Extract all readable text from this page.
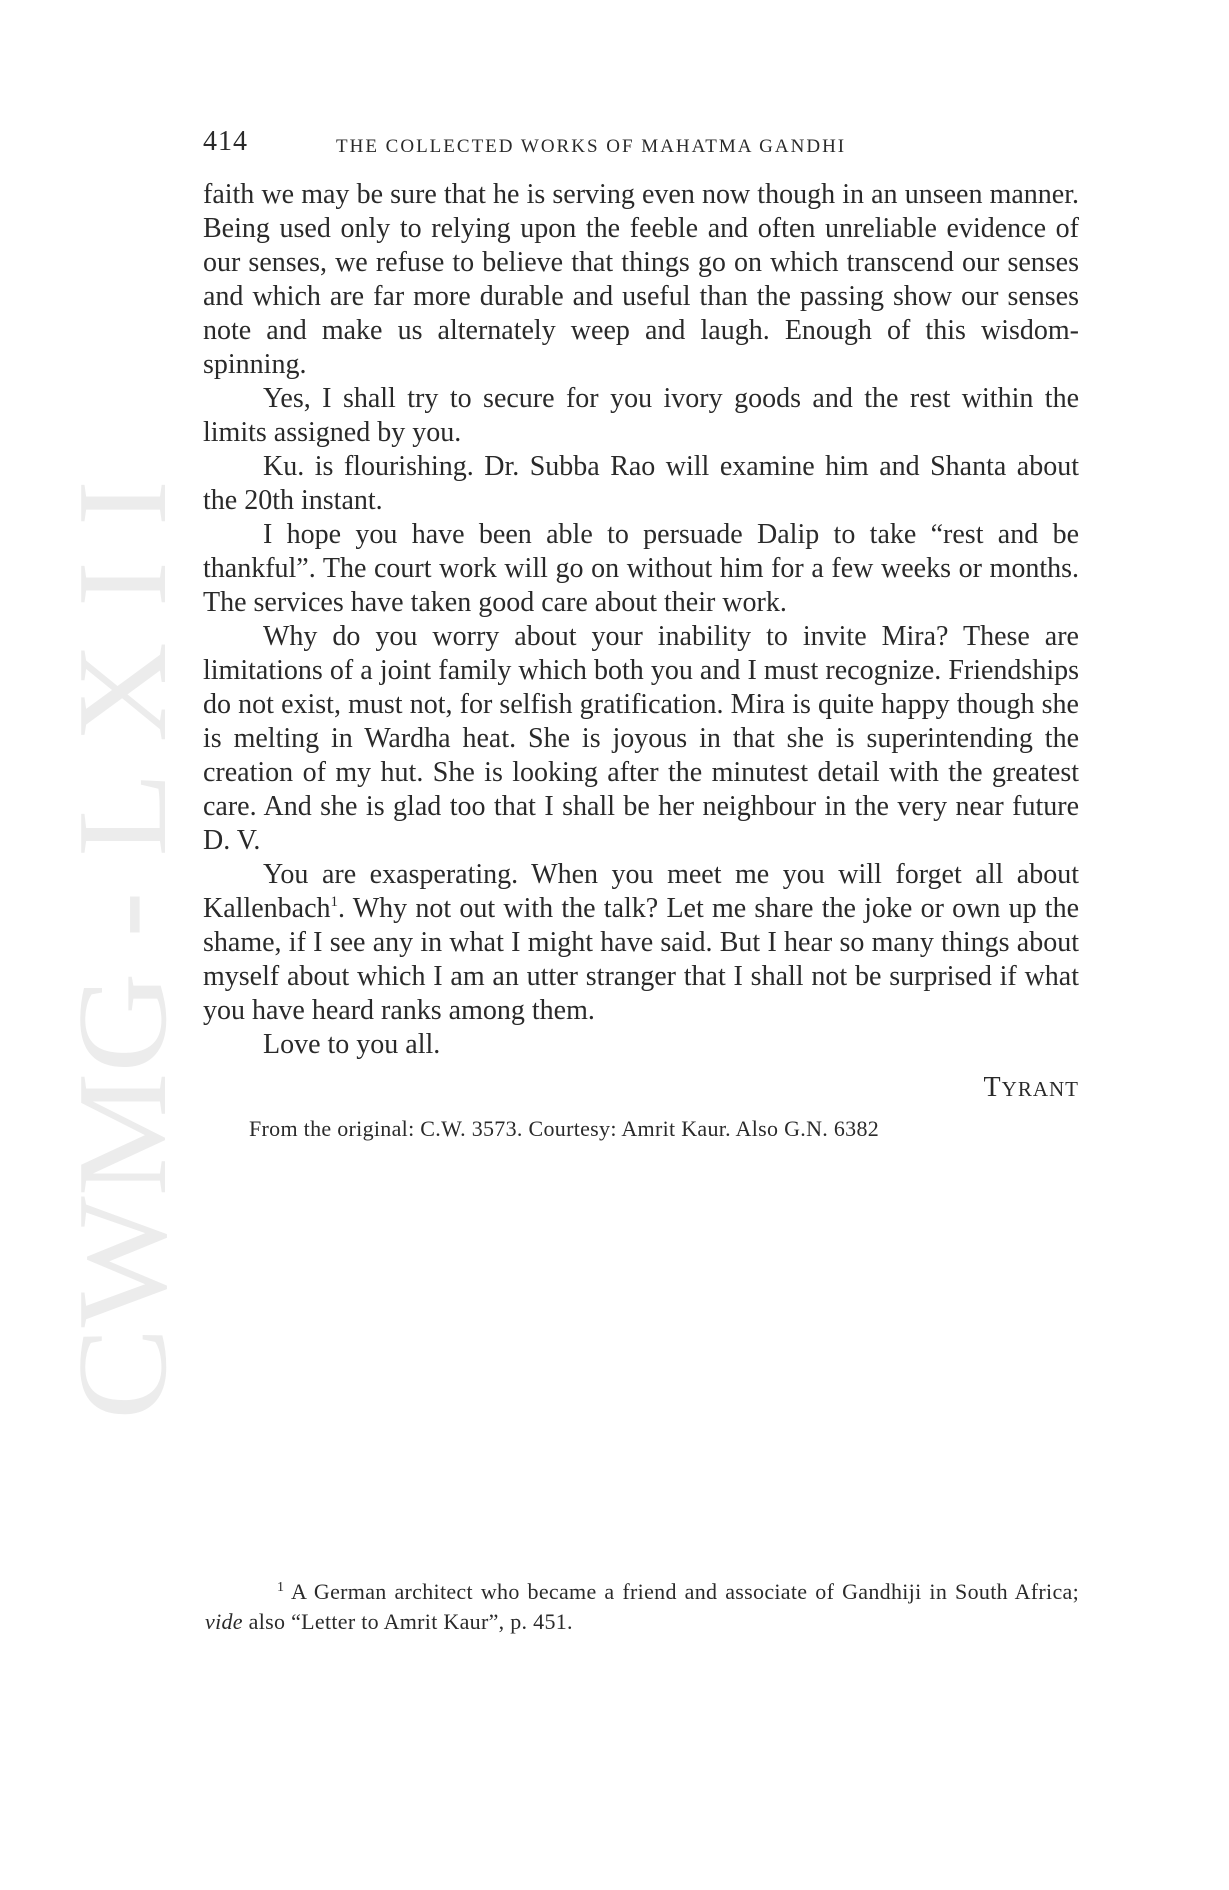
CWMG - L X I I
414	THE COLLECTED WORKS OF MAHATMA GANDHI

faith we may be sure that he is serving even now though in an unseen manner. Being used only to relying upon the feeble and often unreliable evidence of our senses, we refuse to believe that things go on which transcend our senses and which are far more durable and useful than the passing show our senses note and make us alternately weep and laugh. Enough of this wisdom-spinning.

Yes, I shall try to secure for you ivory goods and the rest within the limits assigned by you.

Ku. is flourishing. Dr. Subba Rao will examine him and Shanta about the 20th instant.

I hope you have been able to persuade Dalip to take “rest and be thankful”. The court work will go on without him for a few weeks or months. The services have taken good care about their work.

Why do you worry about your inability to invite Mira? These are limitations of a joint family which both you and I must recognize. Friendships do not exist, must not, for selfish gratification. Mira is quite happy though she is melting in Wardha heat. She is joyous in that she is superintending the creation of my hut. She is looking after the minutest detail with the greatest care. And she is glad too that I shall be her neighbour in the very near future D. V.

You are exasperating. When you meet me you will forget all about Kallenbach$^1$. Why not out with the talk? Let me share the joke or own up the shame, if I see any in what I might have said. But I hear so many things about myself about which I am an utter stranger that I shall not be surprised if what you have heard ranks among them.

Love to you all.

TYRANT
From the original: C.W. 3573. Courtesy: Amrit Kaur. Also G.N. 6382
$^1$ A German architect who became a friend and associate of Gandhiji in South Africa; vide also “Letter to Amrit Kaur”, p. 451.
